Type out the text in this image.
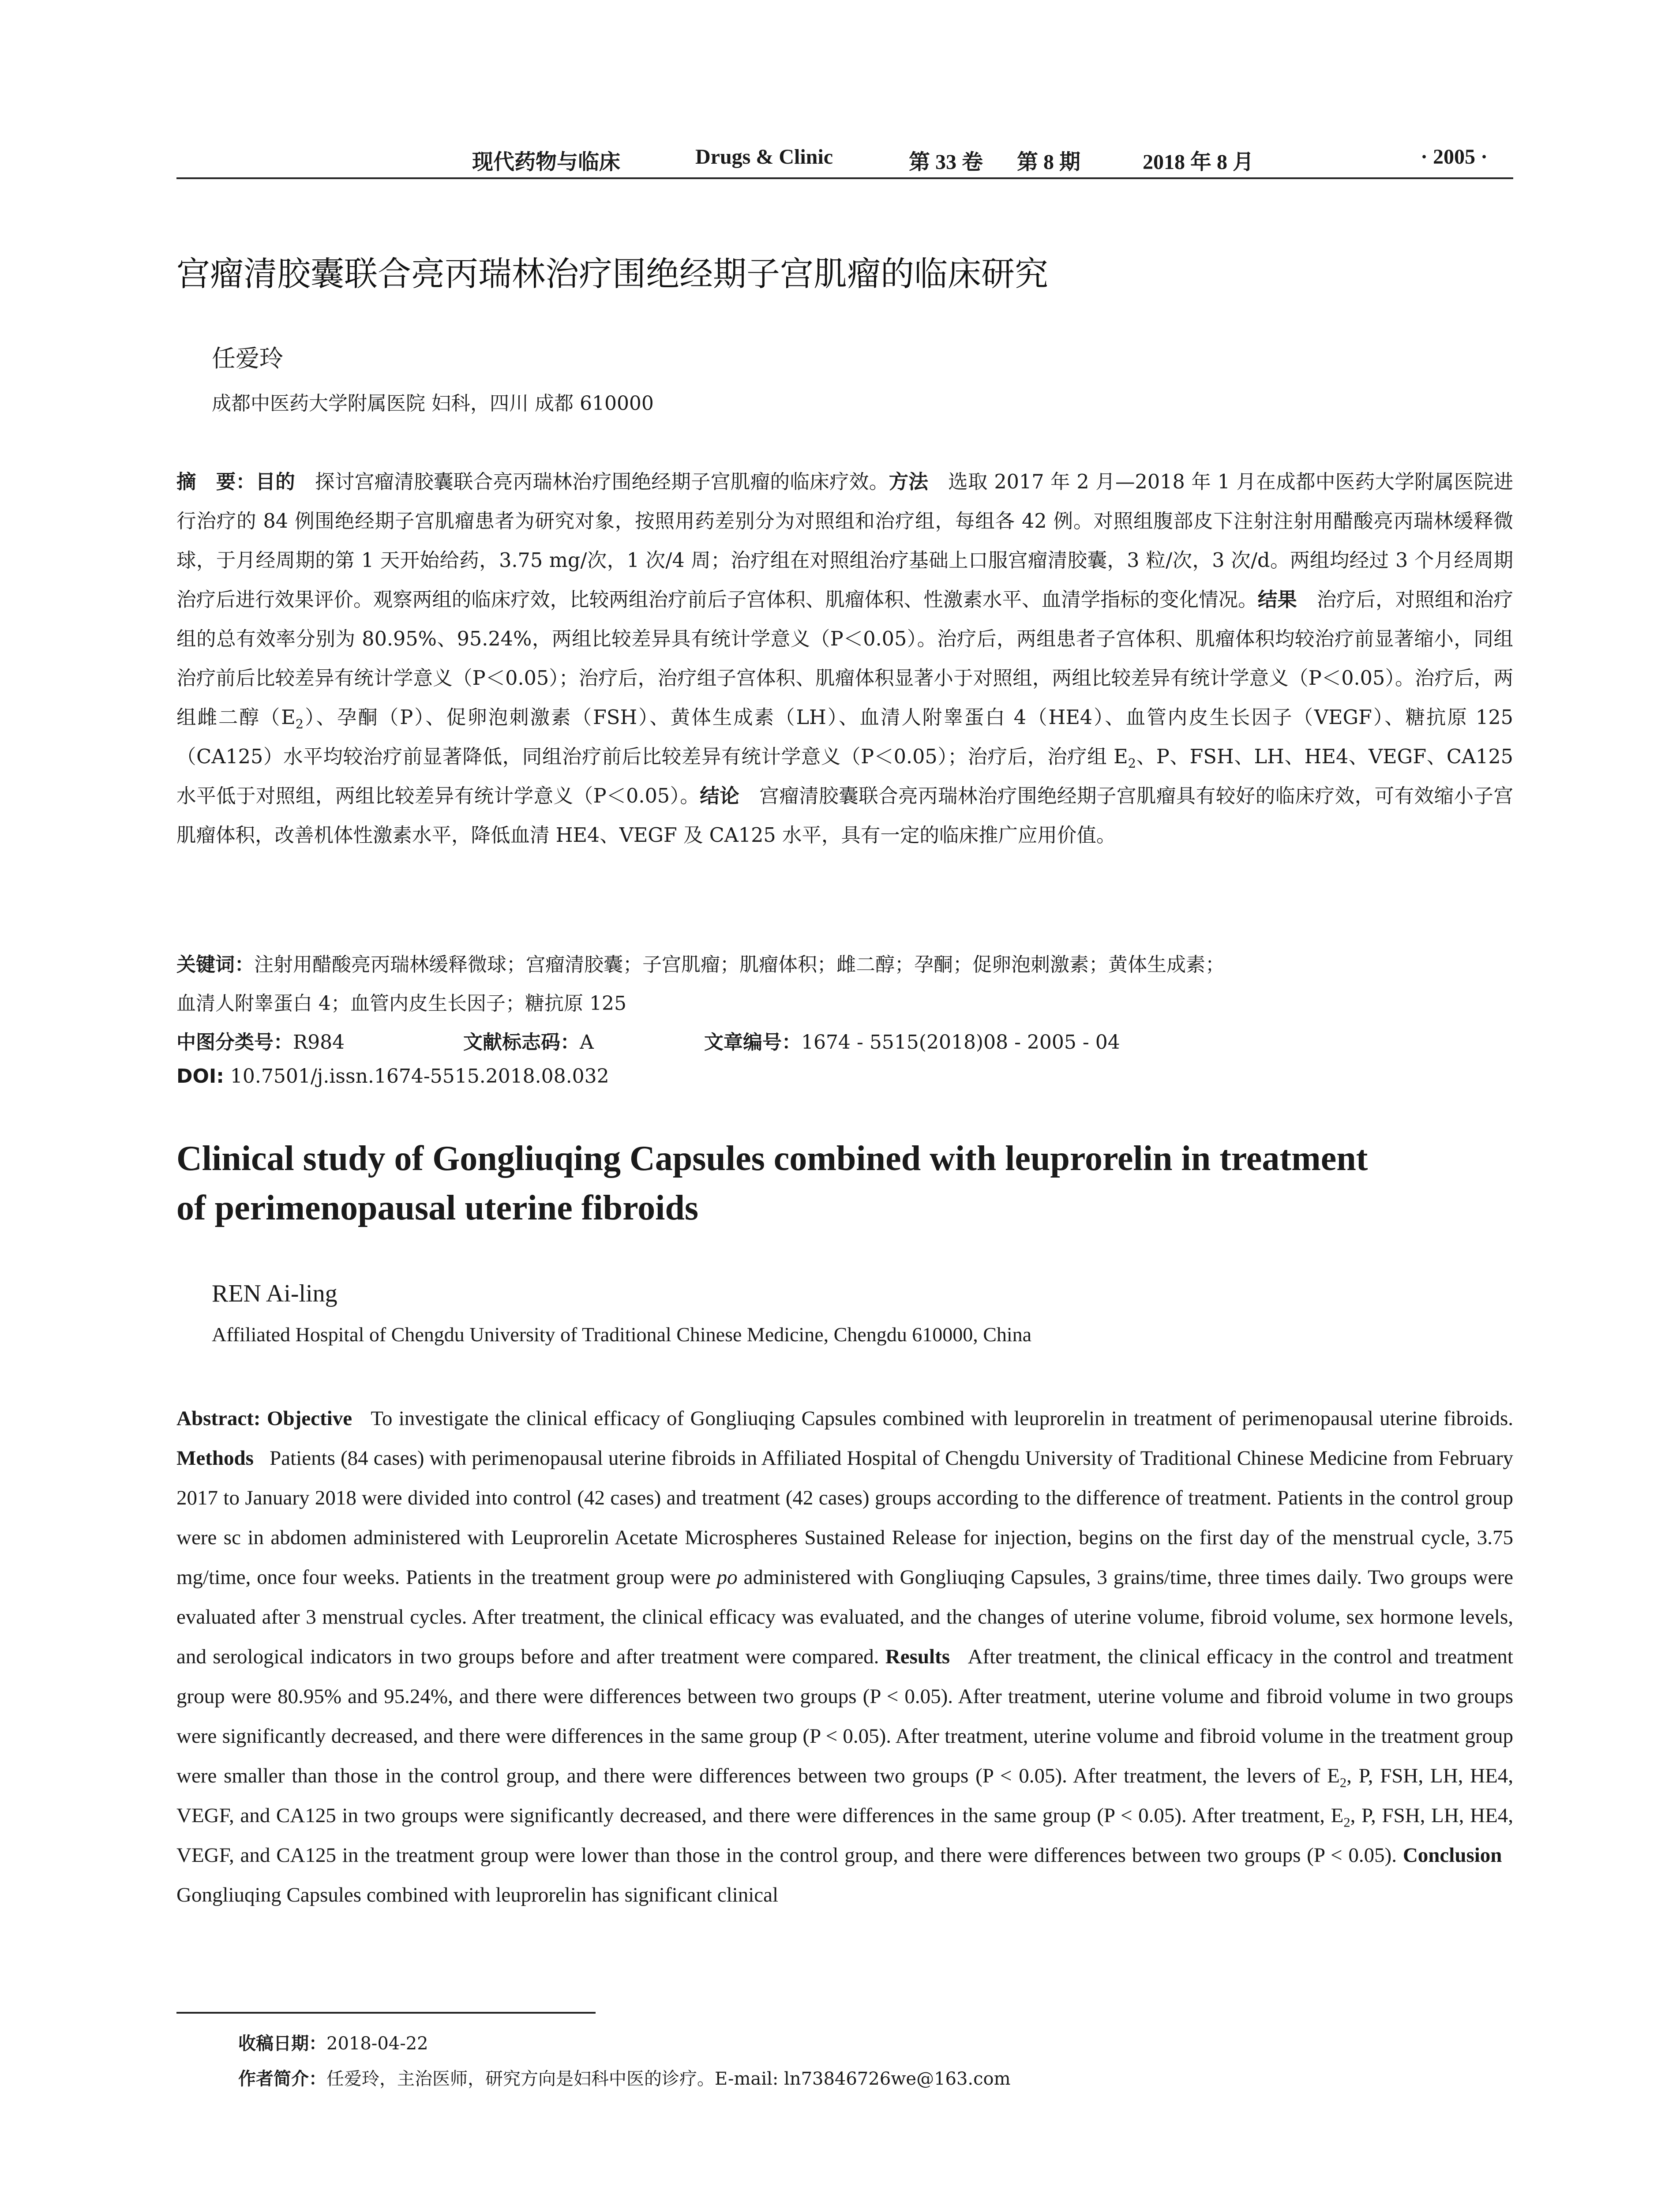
现代药物与临床	Drugs & Clinic	第 33 卷 第 8 期	2018 年 8 月	· 2005 ·
宫瘤清胶囊联合亮丙瑞林治疗围绝经期子宫肌瘤的临床研究
任爱玲
成都中医药大学附属医院 妇科，四川 成都 610000

摘　要：目的　 探讨宫瘤清胶囊联合亮丙瑞林治疗围绝经期子宫肌瘤的临床疗效。方法　 选取 2017 年 2 月—2018 年 1 月在成都中医药大学附属医院进行治疗的 84 例围绝经期子宫肌瘤患者为研究对象，按照用药差别分为对照组和治疗组，每组各 42 例。对照组腹部皮下注射注射用醋酸亮丙瑞林缓释微球，于月经周期的第 1 天开始给药，3.75 mg/次，1 次/4 周；治疗组在对照组治疗基础上口服宫瘤清胶囊，3 粒/次，3 次/d。两组均经过 3 个月经周期治疗后进行效果评价。观察两组的临床疗效，比较两组治疗前后子宫体积、肌瘤体积、性激素水平、血清学指标的变化情况。结果　 治疗后，对照组和治疗组的总有效率分别为 80.95%、95.24%，两组比较差异具有统计学意义（P＜0.05）。治疗后，两组患者子宫体积、肌瘤体积均较治疗前显著缩小，同组治疗前后比较差异有统计学意义（P＜0.05）；治疗后，治疗组子宫体积、肌瘤体积显著小于对照组，两组比较差异有统计学意义（P＜0.05）。治疗后，两组雌二醇$(E_2)$、孕酮（P）、促卵泡刺激素（FSH）、黄体生成素（LH）、血清人附睾蛋白 4（HE4）、血管内皮生长因子（VEGF）、糖抗原 125（CA125）水平均较治疗前显著降低，同组治疗前后比较差异有统计学意义（P＜0.05）；治疗后，治疗组 $E_2$、P、FSH、LH、HE4、VEGF、CA125 水平低于对照组，两组比较差异有统计学意义（P＜0.05）。结论　 宫瘤清胶囊联合亮丙瑞林治疗围绝经期子宫肌瘤具有较好的临床疗效，可有效缩小子宫肌瘤体积，改善机体性激素水平，降低血清 HE4、VEGF 及 CA125 水平，具有一定的临床推广应用价值。

关键词：注射用醋酸亮丙瑞林缓释微球；宫瘤清胶囊；子宫肌瘤；肌瘤体积；雌二醇；孕酮；促卵泡刺激素；黄体生成素；
血清人附睾蛋白 4；血管内皮生长因子；糖抗原 125
中图分类号：R984	文献标志码：A	文章编号：1674 - 5515(2018)08 - 2005 - 04
DOI: 10.7501/j.issn.1674-5515.2018.08.032
Clinical study of Gongliuqing Capsules combined with leuprorelin in treatment
of perimenopausal uterine fibroids
REN Ai-ling
Affiliated Hospital of Chengdu University of Traditional Chinese Medicine, Chengdu 610000, China

Abstract: Objective To investigate the clinical efficacy of Gongliuqing Capsules combined with leuprorelin in treatment of perimenopausal uterine fibroids. Methods Patients (84 cases) with perimenopausal uterine fibroids in Affiliated Hospital of Chengdu University of Traditional Chinese Medicine from February 2017 to January 2018 were divided into control (42 cases) and treatment (42 cases) groups according to the difference of treatment. Patients in the control group were sc in abdomen administered with Leuprorelin Acetate Microspheres Sustained Release for injection, begins on the first day of the menstrual cycle, 3.75 mg/time, once four weeks. Patients in the treatment group were po administered with Gongliuqing Capsules, 3 grains/time, three times daily. Two groups were evaluated after 3 menstrual cycles. After treatment, the clinical efficacy was evaluated, and the changes of uterine volume, fibroid volume, sex hormone levels, and serological indicators in two groups before and after treatment were compared. Results After treatment, the clinical efficacy in the control and treatment group were 80.95% and 95.24%, and there were differences between two groups (P < 0.05). After treatment, uterine volume and fibroid volume in two groups were significantly decreased, and there were differences in the same group (P < 0.05). After treatment, uterine volume and fibroid volume in the treatment group were smaller than those in the control group, and there were differences between two groups (P < 0.05). After treatment, the levers of $E_2$, P, FSH, LH, HE4, VEGF, and CA125 in two groups were significantly decreased, and there were differences in the same group (P < 0.05). After treatment, $E_2$, P, FSH, LH, HE4, VEGF, and CA125 in the treatment group were lower than those in the control group, and there were differences between two groups (P < 0.05). Conclusion   Gongliuqing Capsules combined with leuprorelin has significant clinical

收稿日期：2018-04-22
作者简介：任爱玲，主治医师，研究方向是妇科中医的诊疗。E-mail: ln73846726we@163.com
